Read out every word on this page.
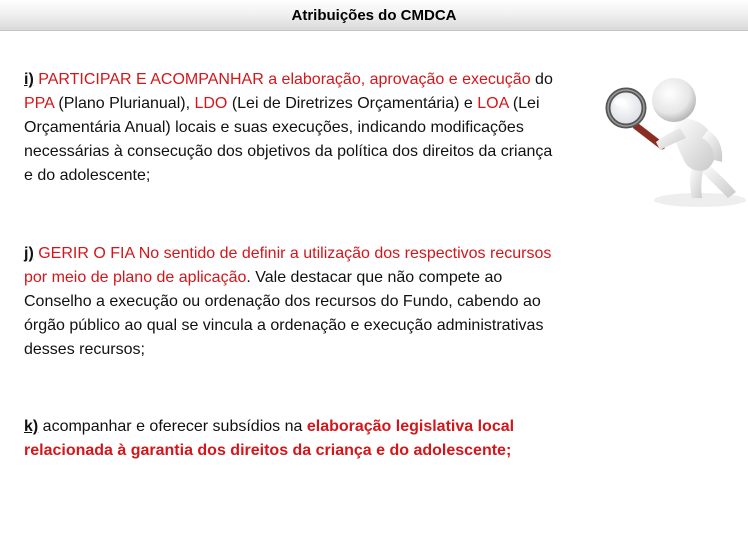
Atribuições do CMDCA
i) PARTICIPAR E ACOMPANHAR a elaboração, aprovação e execução do PPA (Plano Plurianual), LDO (Lei de Diretrizes Orçamentária) e LOA (Lei Orçamentária Anual) locais e suas execuções, indicando modificações necessárias à consecução dos objetivos da política dos direitos da criança e do adolescente;
j) GERIR O FIA No sentido de definir a utilização dos respectivos recursos por meio de plano de aplicação. Vale destacar que não compete ao Conselho a execução ou ordenação dos recursos do Fundo, cabendo ao órgão público ao qual se vincula a ordenação e execução administrativas desses recursos;
k) acompanhar e oferecer subsídios na elaboração legislativa local relacionada à garantia dos direitos da criança e do adolescente;
